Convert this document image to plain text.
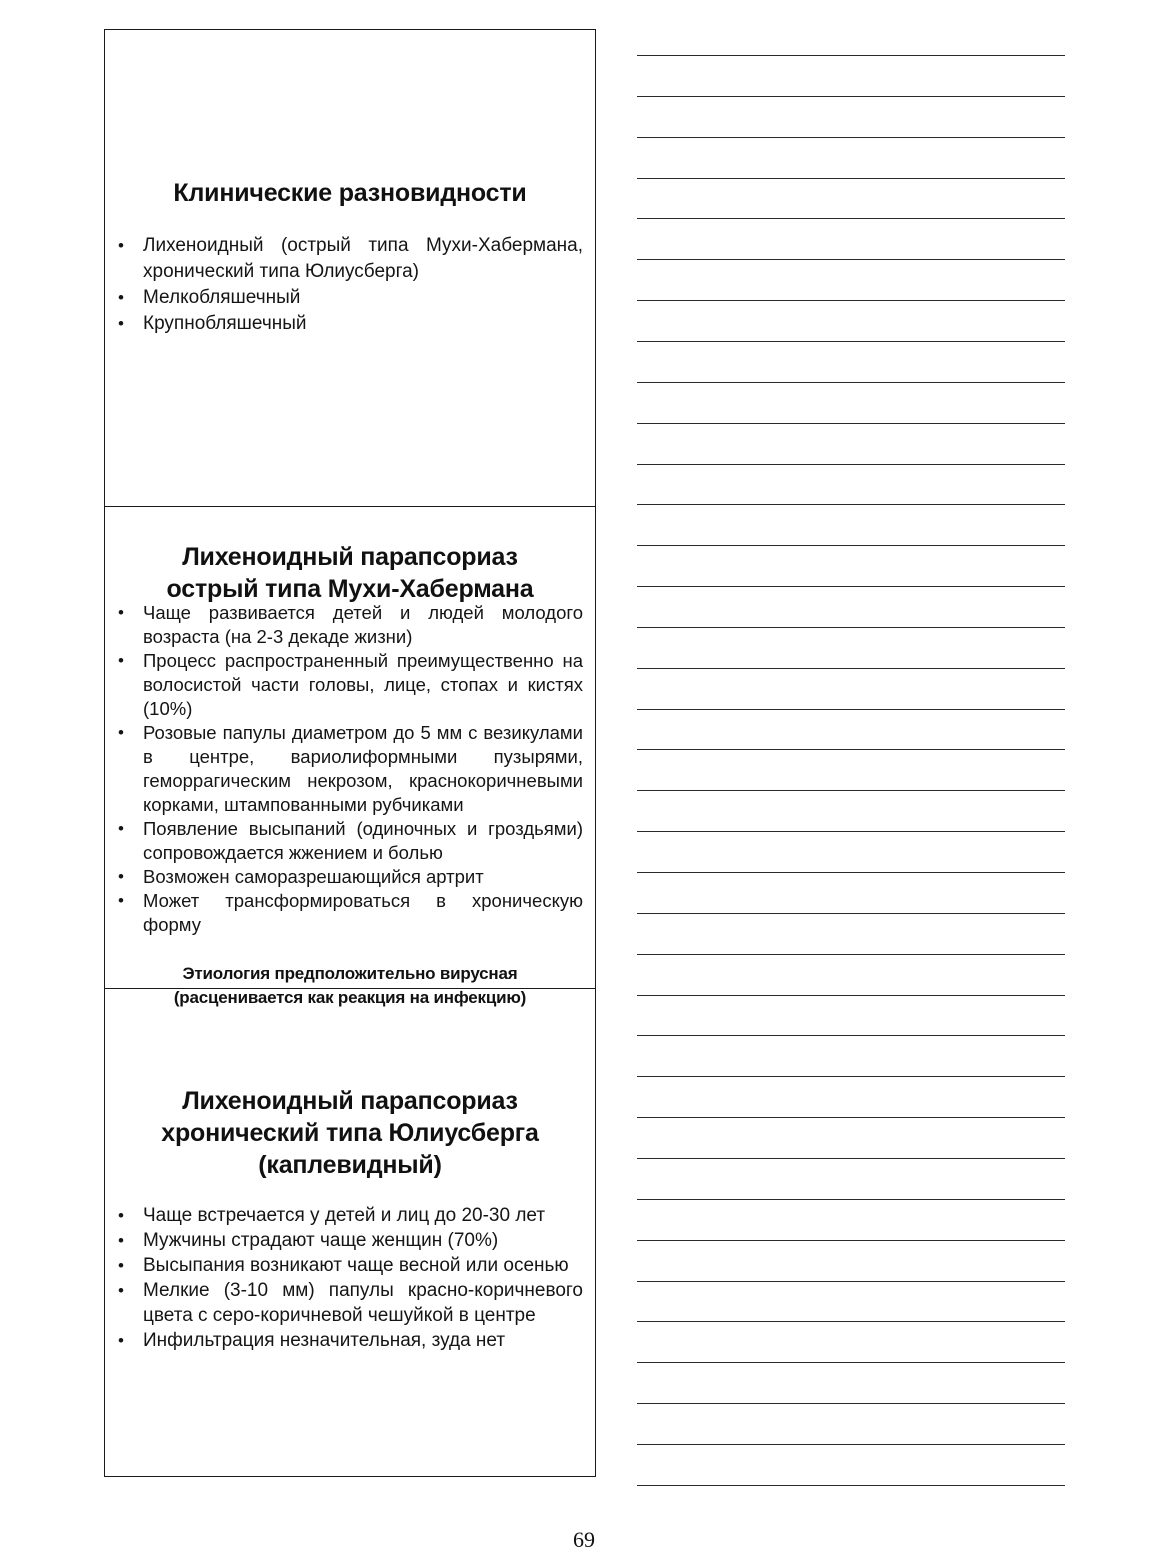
Клинические разновидности
• Лихеноидный (острый типа Мухи-Хабермана, хронический типа Юлиусберга)
• Мелкобляшечный
• Крупнобляшечный
Лихеноидный парапсориаз
острый типа Мухи-Хабермана
• Чаще развивается детей и людей молодого возраста (на 2-3 декаде жизни)
• Процесс распространенный преимущественно на волосистой части головы, лице, стопах и кистях (10%)
• Розовые папулы диаметром до 5 мм с везикулами в центре, вариолиформными пузырями, геморрагическим некрозом, краснокоричневыми корками, штампованными рубчиками
• Появление высыпаний (одиночных и гроздьями) сопровождается жжением и болью
• Возможен саморазрешающийся артрит
• Может трансформироваться в хроническую форму
Этиология предположительно вирусная
(расценивается как реакция на инфекцию)
Лихеноидный парапсориаз
хронический типа Юлиусберга
(каплевидный)
• Чаще встречается у детей и лиц до 20-30 лет
• Мужчины страдают чаще женщин (70%)
• Высыпания возникают чаще весной или осенью
• Мелкие (3-10 мм) папулы красно-коричневого цвета с серо-коричневой чешуйкой в центре
• Инфильтрация незначительная, зуда нет
69
